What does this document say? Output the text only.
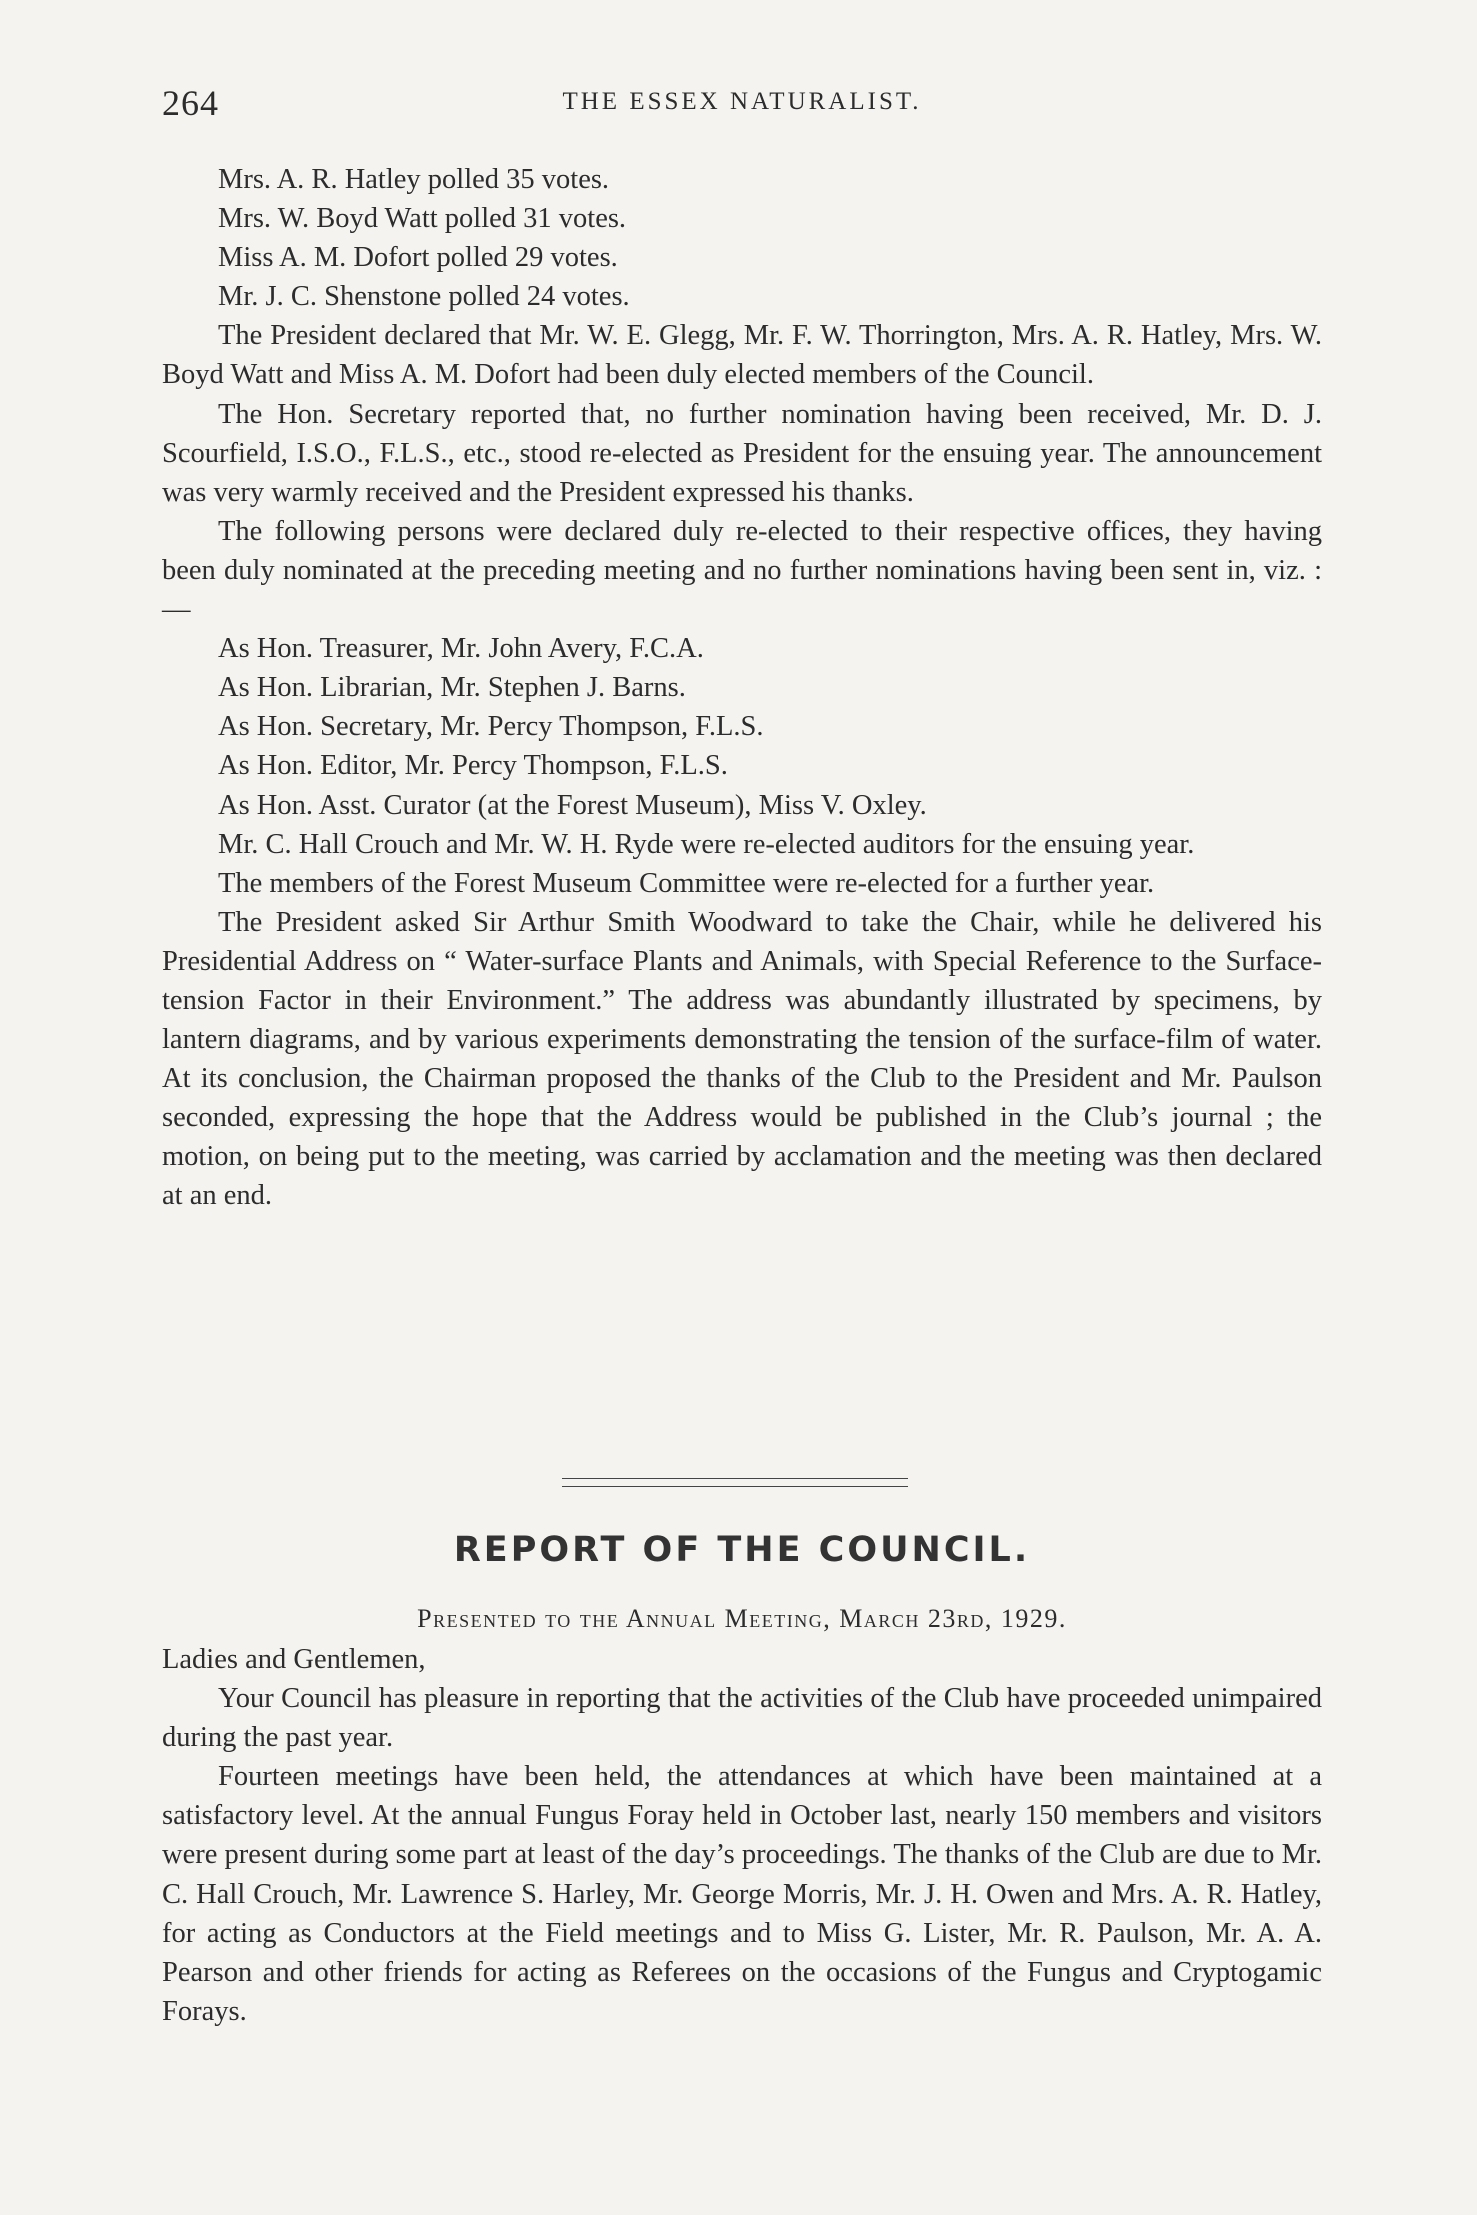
264	THE ESSEX NATURALIST.

Mrs. A. R. Hatley polled 35 votes.

Mrs. W. Boyd Watt polled 31 votes.

Miss A. M. Dofort polled 29 votes.

Mr. J. C. Shenstone polled 24 votes.

The President declared that Mr. W. E. Glegg, Mr. F. W. Thorrington, Mrs. A. R. Hatley, Mrs. W. Boyd Watt and Miss A. M. Dofort had been duly elected members of the Council.

The Hon. Secretary reported that, no further nomination having been received, Mr. D. J. Scourfield, I.S.O., F.L.S., etc., stood re-elected as President for the ensuing year. The announcement was very warmly received and the President expressed his thanks.

The following persons were declared duly re-elected to their respective offices, they having been duly nominated at the preceding meeting and no further nominations having been sent in, viz. :—

As Hon. Treasurer, Mr. John Avery, F.C.A.

As Hon. Librarian, Mr. Stephen J. Barns.

As Hon. Secretary, Mr. Percy Thompson, F.L.S.

As Hon. Editor, Mr. Percy Thompson, F.L.S.

As Hon. Asst. Curator (at the Forest Museum), Miss V. Oxley.

Mr. C. Hall Crouch and Mr. W. H. Ryde were re-elected auditors for the ensuing year.

The members of the Forest Museum Committee were re-elected for a further year.

The President asked Sir Arthur Smith Woodward to take the Chair, while he delivered his Presidential Address on “ Water-surface Plants and Animals, with Special Reference to the Surface-tension Factor in their Environment.” The address was abundantly illustrated by specimens, by lantern diagrams, and by various experiments demonstrating the tension of the surface-film of water. At its conclusion, the Chairman proposed the thanks of the Club to the President and Mr. Paulson seconded, expressing the hope that the Address would be published in the Club’s journal ; the motion, on being put to the meeting, was carried by acclamation and the meeting was then declared at an end.

REPORT OF THE COUNCIL.
Presented to the Annual Meeting, March 23rd, 1929.

Ladies and Gentlemen,

Your Council has pleasure in reporting that the activities of the Club have proceeded unimpaired during the past year.

Fourteen meetings have been held, the attendances at which have been maintained at a satisfactory level. At the annual Fungus Foray held in October last, nearly 150 members and visitors were present during some part at least of the day’s proceedings. The thanks of the Club are due to Mr. C. Hall Crouch, Mr. Lawrence S. Harley, Mr. George Morris, Mr. J. H. Owen and Mrs. A. R. Hatley, for acting as Conductors at the Field meetings and to Miss G. Lister, Mr. R. Paulson, Mr. A. A. Pearson and other friends for acting as Referees on the occasions of the Fungus and Cryptogamic Forays.
